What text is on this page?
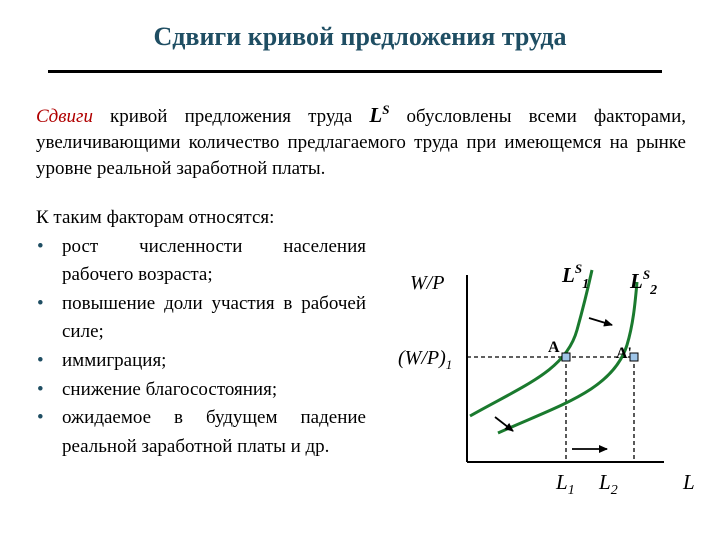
Сдвиги кривой предложения труда
Сдвиги кривой предложения труда $L^S$ обусловлены всеми факторами, увеличивающими количество предлагаемого труда при имеющемся на рынке уровне реальной заработной платы.
К таким факторам относятся:
• рост численности населения рабочего возраста;
• повышение доли участия в рабочей силе;
• иммиграция;
• снижение благосостояния;
• ожидаемое в будущем падение реальной заработной платы и др.
W/P
$(W/P)_1$
$L^S_1$ $L^S_2$
A	A'
$L_1$ $L_2$	L
